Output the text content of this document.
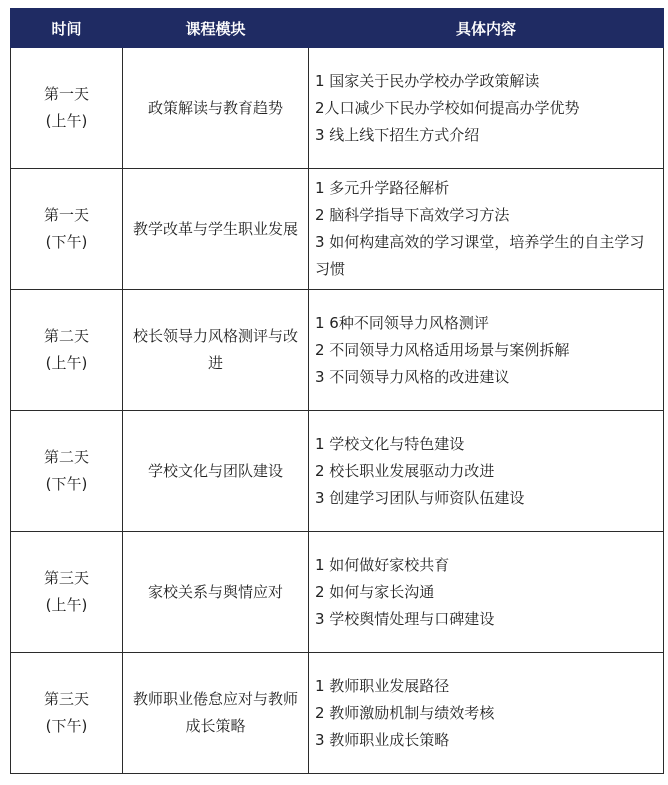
时间	课程模块	具体内容

第一天
(上午)	政策解读与教育趋势	1 国家关于民办学校办学政策解读
2人口减少下民办学校如何提高办学优势
3 线上线下招生方式介绍

第一天
(下午)	教学改革与学生职业发展	1 多元升学路径解析
2 脑科学指导下高效学习方法
3 如何构建高效的学习课堂，培养学生的自主学习习惯

第二天
(上午)	校长领导力风格测评与改进	1 6种不同领导力风格测评
2 不同领导力风格适用场景与案例拆解
3 不同领导力风格的改进建议

第二天
(下午)	学校文化与团队建设	1 学校文化与特色建设
2 校长职业发展驱动力改进
3 创建学习团队与师资队伍建设

第三天
(上午)	家校关系与舆情应对	1 如何做好家校共育
2 如何与家长沟通
3 学校舆情处理与口碑建设

第三天
(下午)	教师职业倦怠应对与教师成长策略	1 教师职业发展路径
2 教师激励机制与绩效考核
3 教师职业成长策略
